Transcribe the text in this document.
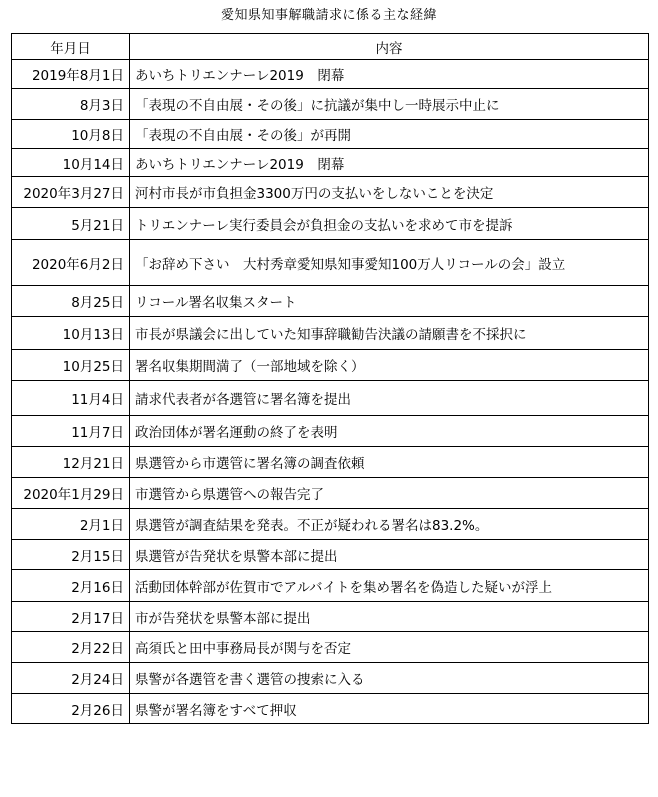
愛知県知事解職請求に係る主な経緯
年月日	内容
2019年8月1日	あいちトリエンナーレ2019　閉幕
8月3日	「表現の不自由展・その後」に抗議が集中し一時展示中止に
10月8日	「表現の不自由展・その後」が再開
10月14日	あいちトリエンナーレ2019　閉幕
2020年3月27日	河村市長が市負担金3300万円の支払いをしないことを決定
5月21日	トリエンナーレ実行委員会が負担金の支払いを求めて市を提訴
2020年6月2日	「お辞め下さい　大村秀章愛知県知事愛知100万人リコールの会」設立
8月25日	リコール署名収集スタート
10月13日	市長が県議会に出していた知事辞職勧告決議の請願書を不採択に
10月25日	署名収集期間満了（一部地域を除く）
11月4日	請求代表者が各選管に署名簿を提出
11月7日	政治団体が署名運動の終了を表明
12月21日	県選管から市選管に署名簿の調査依頼
2020年1月29日	市選管から県選管への報告完了
2月1日	県選管が調査結果を発表。不正が疑われる署名は83.2%。
2月15日	県選管が告発状を県警本部に提出
2月16日	活動団体幹部が佐賀市でアルバイトを集め署名を偽造した疑いが浮上
2月17日	市が告発状を県警本部に提出
2月22日	高須氏と田中事務局長が関与を否定
2月24日	県警が各選管を書く選管の捜索に入る
2月26日	県警が署名簿をすべて押収
